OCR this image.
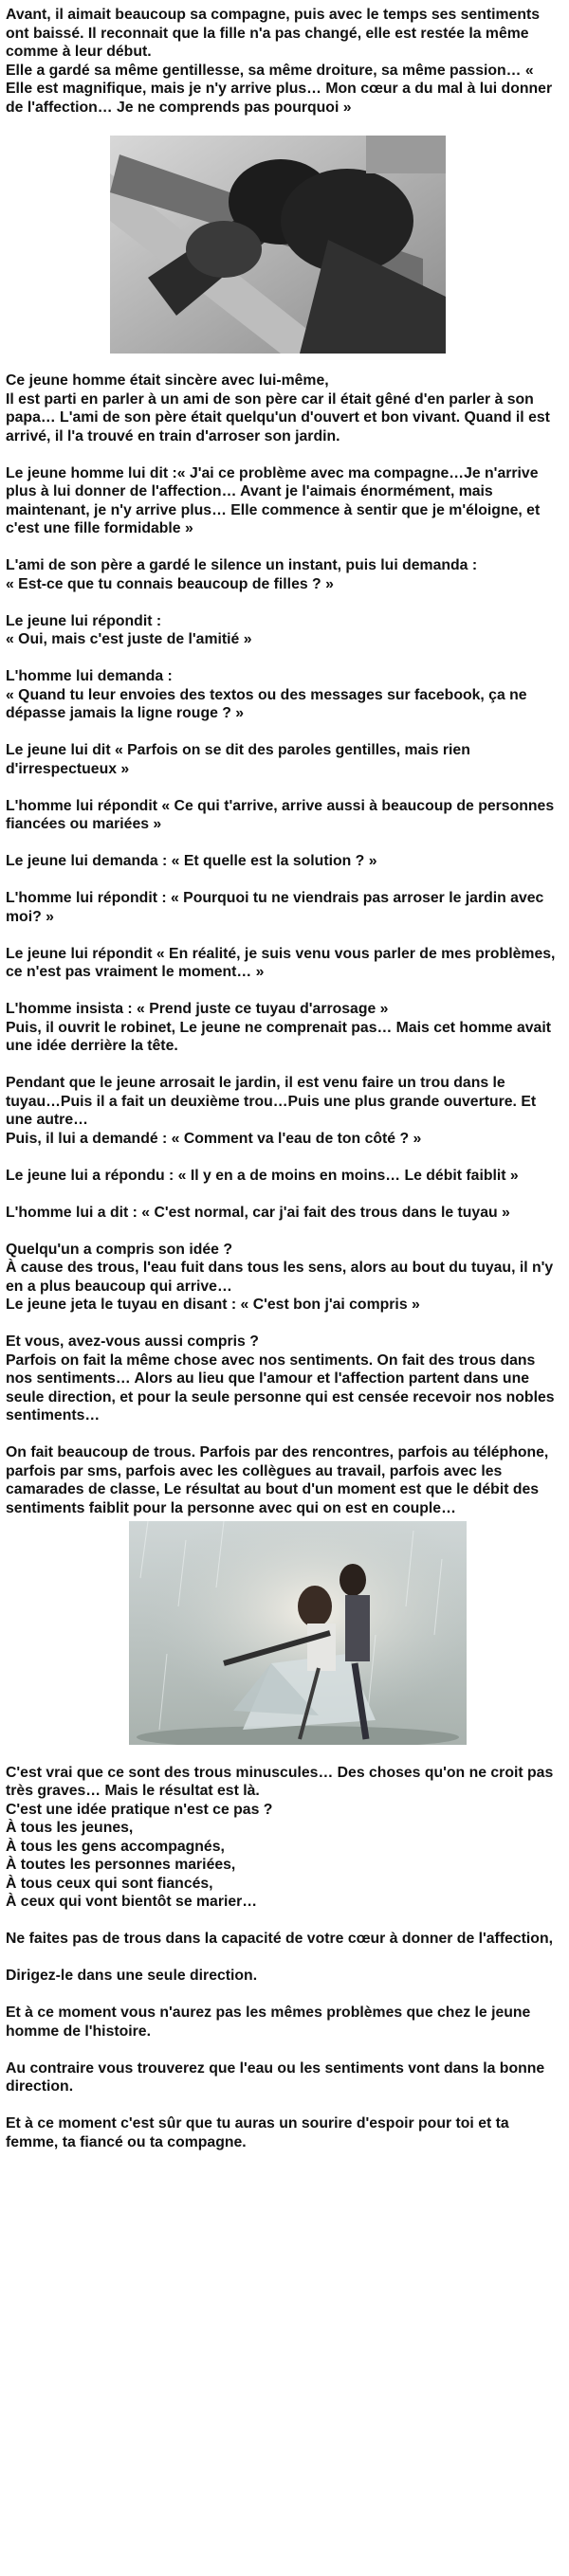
Avant, il aimait beaucoup sa compagne, puis avec le temps ses sentiments ont baissé. Il reconnait que la fille n'a pas changé, elle est restée la même comme à leur début.
Elle a gardé sa même gentillesse, sa même droiture, sa même passion… « Elle est magnifique, mais je n'y arrive plus… Mon cœur a du mal à lui donner de l'affection… Je ne comprends pas pourquoi »

Ce jeune homme était sincère avec lui-même,
Il est parti en parler à un ami de son père car il était gêné d'en parler à son papa… L'ami de son père était quelqu'un d'ouvert et bon vivant. Quand il est arrivé, il l'a trouvé en train d'arroser son jardin.

Le jeune homme lui dit :« J'ai ce problème avec ma compagne…Je n'arrive plus à lui donner de l'affection… Avant je l'aimais énormément, mais maintenant, je n'y arrive plus… Elle commence à sentir que je m'éloigne, et c'est une fille formidable »

L'ami de son père a gardé le silence un instant, puis lui demanda :
« Est-ce que tu connais beaucoup de filles ? »

Le jeune lui répondit :
« Oui, mais c'est juste de l'amitié »

L'homme lui demanda :
« Quand tu leur envoies des textos ou des messages sur facebook, ça ne dépasse jamais la ligne rouge ? »

Le jeune lui dit « Parfois on se dit des paroles gentilles, mais rien d'irrespectueux »

L'homme lui répondit « Ce qui t'arrive, arrive aussi à beaucoup de personnes fiancées ou mariées »

Le jeune lui demanda : « Et quelle est la solution ? »

L'homme lui répondit : « Pourquoi tu ne viendrais pas arroser le jardin avec moi? »

Le jeune lui répondit « En réalité, je suis venu vous parler de mes problèmes, ce n'est pas vraiment le moment… »

L'homme insista : « Prend juste ce tuyau d'arrosage »
Puis, il ouvrit le robinet, Le jeune ne comprenait pas… Mais cet homme avait une idée derrière la tête.

Pendant que le jeune arrosait le jardin, il est venu faire un trou dans le tuyau…Puis il a fait un deuxième trou…Puis une plus grande ouverture. Et une autre…
Puis, il lui a demandé : « Comment va l'eau de ton côté ? »

Le jeune lui a répondu : « Il y en a de moins en moins… Le débit faiblit »

L'homme lui a dit : « C'est normal, car j'ai fait des trous dans le tuyau »

Quelqu'un a compris son idée ?
À cause des trous, l'eau fuit dans tous les sens, alors au bout du tuyau, il n'y en a plus beaucoup qui arrive…
Le jeune jeta le tuyau en disant : « C'est bon j'ai compris »

Et vous, avez-vous aussi compris ?
Parfois on fait la même chose avec nos sentiments. On fait des trous dans nos sentiments… Alors au lieu que l'amour et l'affection partent dans une seule direction, et pour la seule personne qui est censée recevoir nos nobles sentiments…

On fait beaucoup de trous. Parfois par des rencontres, parfois au téléphone, parfois par sms, parfois avec les collègues au travail, parfois avec les camarades de classe, Le résultat au bout d'un moment est que le débit des sentiments faiblit pour la personne avec qui on est en couple…

C'est vrai que ce sont des trous minuscules… Des choses qu'on ne croit pas très graves… Mais le résultat est là.
C'est une idée pratique n'est ce pas ?
À tous les jeunes,
À tous les gens accompagnés,
À toutes les personnes mariées,
À tous ceux qui sont fiancés,
À ceux qui vont bientôt se marier…

Ne faites pas de trous dans la capacité de votre cœur à donner de l'affection,

Dirigez-le dans une seule direction.

Et à ce moment vous n'aurez pas les mêmes problèmes que chez le jeune homme de l'histoire.

Au contraire vous trouverez que l'eau ou les sentiments vont dans la bonne direction.

Et à ce moment c'est sûr que tu auras un sourire d'espoir pour toi et ta femme, ta fiancé ou ta compagne.
